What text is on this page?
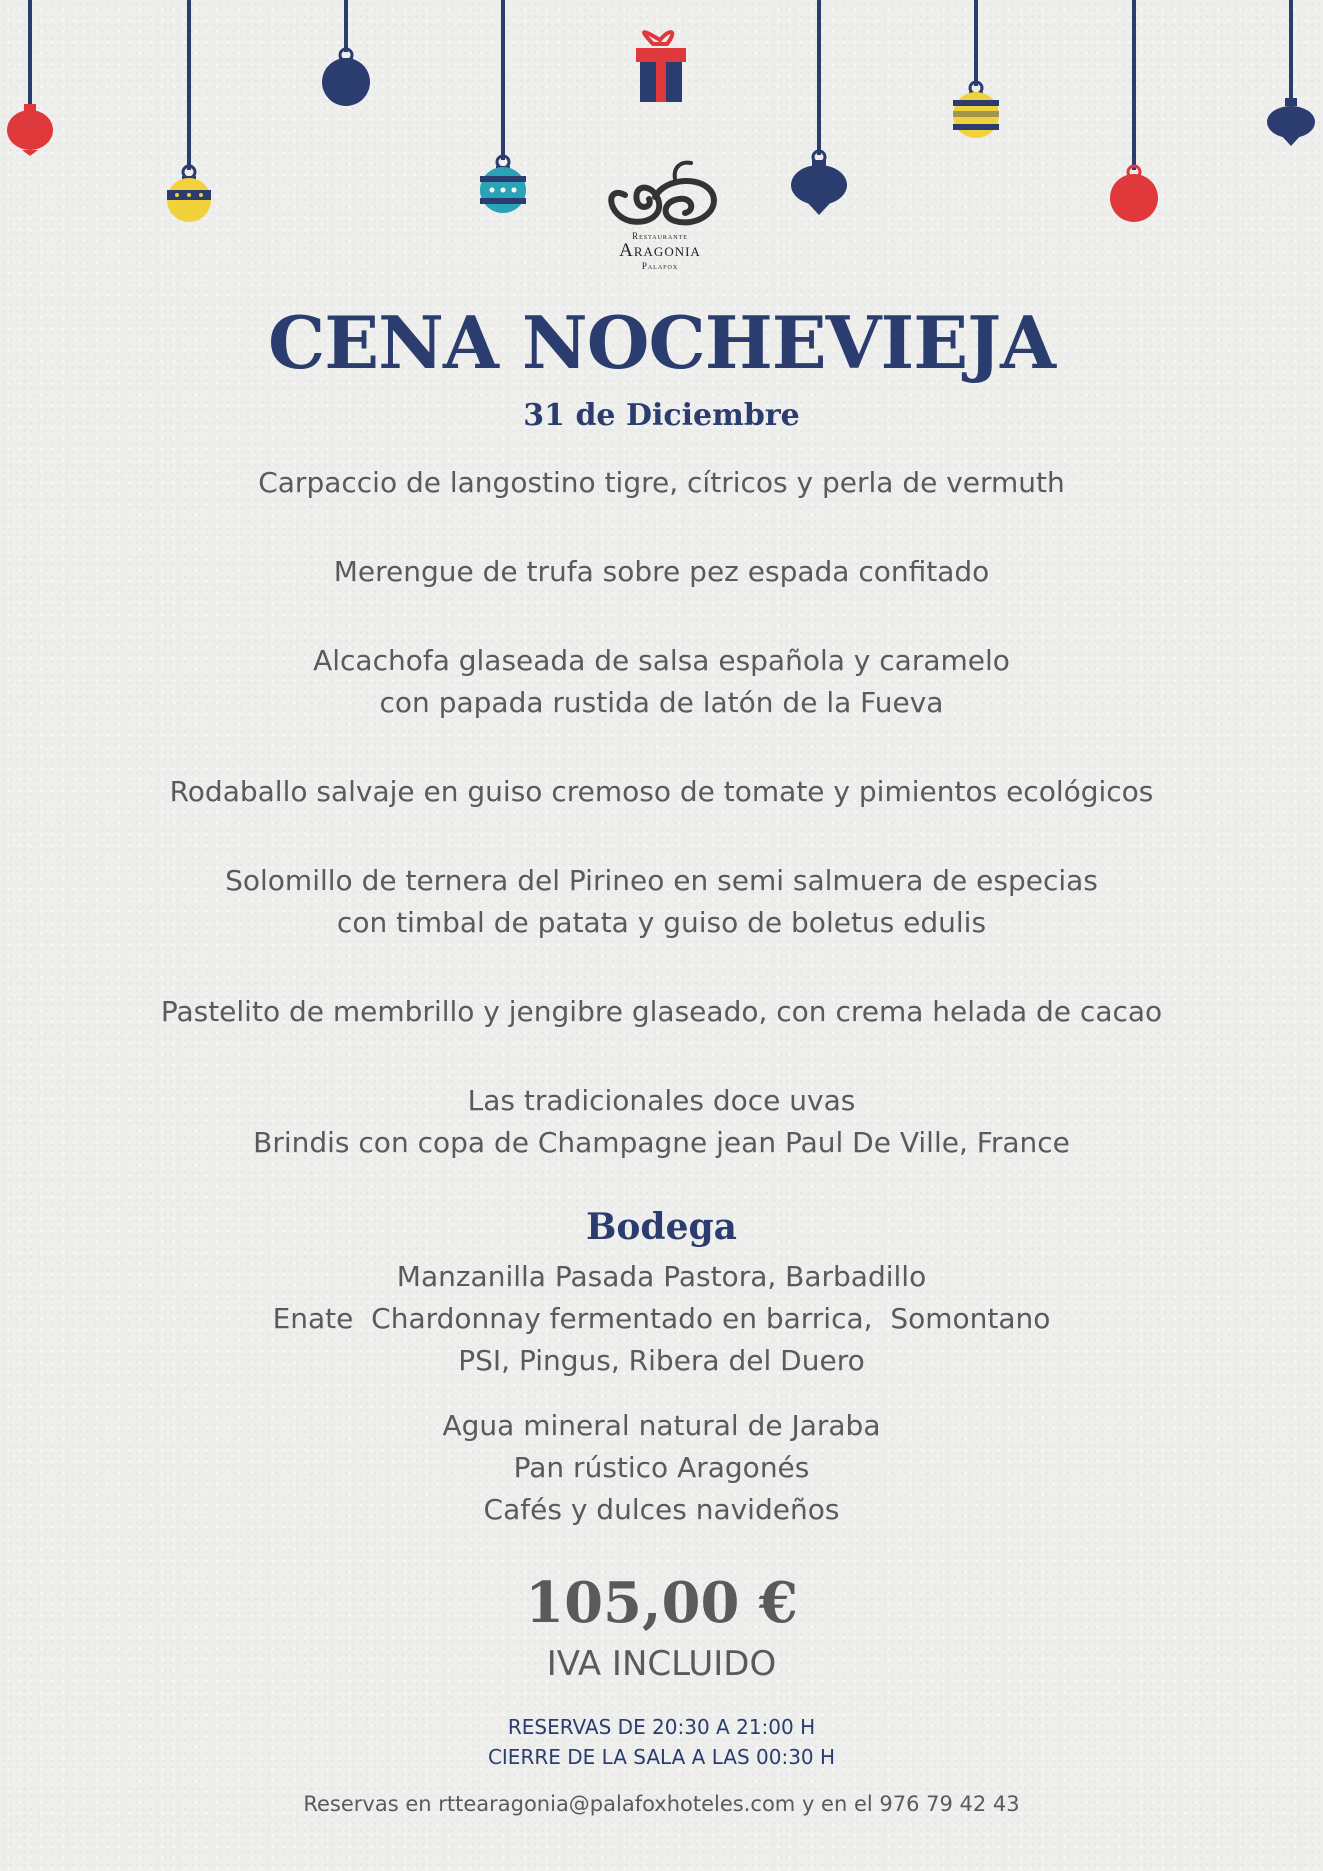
Restaurante
Aragonia
Palafox
CENA NOCHEVIEJA
31 de Diciembre
Carpaccio de langostino tigre, cítricos y perla de vermuth
Merengue de trufa sobre pez espada confitado
Alcachofa glaseada de salsa española y caramelo
con papada rustida de latón de la Fueva
Rodaballo salvaje en guiso cremoso de tomate y pimientos ecológicos
Solomillo de ternera del Pirineo en semi salmuera de especias
con timbal de patata y guiso de boletus edulis
Pastelito de membrillo y jengibre glaseado, con crema helada de cacao
Las tradicionales doce uvas
Brindis con copa de Champagne jean Paul De Ville, France
Bodega
Manzanilla Pasada Pastora, Barbadillo
Enate  Chardonnay fermentado en barrica,  Somontano
PSI, Pingus, Ribera del Duero
Agua mineral natural de Jaraba
Pan rústico Aragonés
Cafés y dulces navideños
105,00 €
IVA INCLUIDO
RESERVAS DE 20:30 A 21:00 H
CIERRE DE LA SALA A LAS 00:30 H
Reservas en rttearagonia@palafoxhoteles.com y en el 976 79 42 43
